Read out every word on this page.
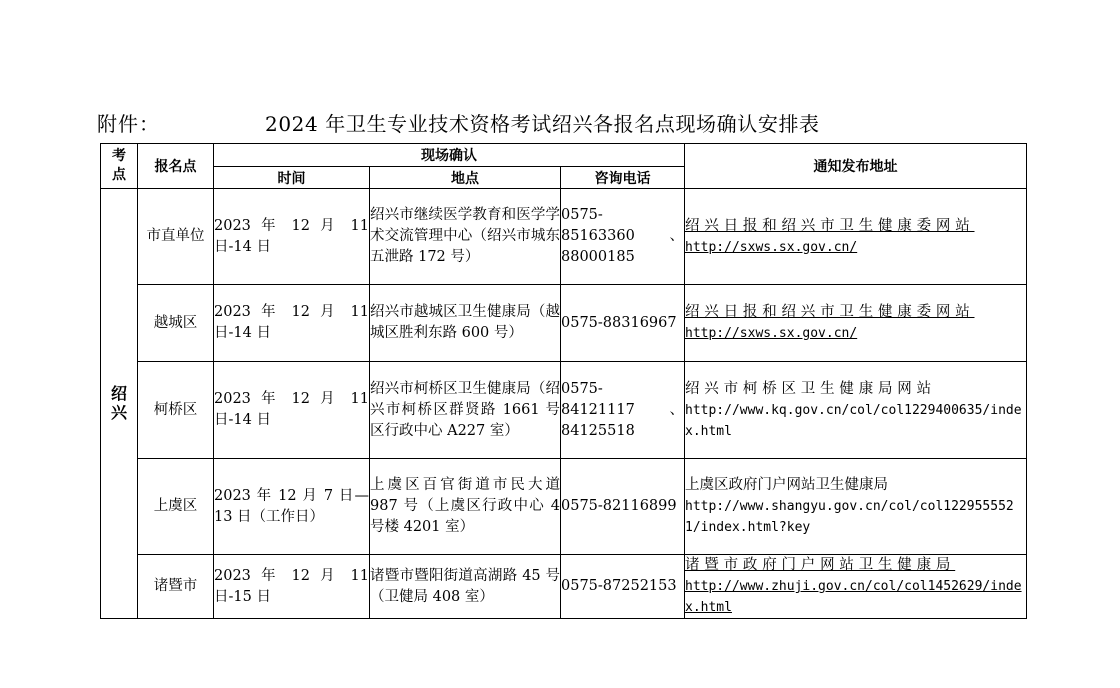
附件：	2024 年卫生专业技术资格考试绍兴各报名点现场确认安排表
考点	报名点	现场确认			通知发布地址
		时间	地点	咨询电话	
绍兴	市直单位	2023 年 12 月 11 日-14 日	绍兴市继续医学教育和医学学术交流管理中心（绍兴市城东五泄路 172 号）	0575-85163360、88000185	绍兴日报和绍兴市卫生健康委网站
http://sxws.sx.gov.cn/

	越城区	2023 年 12 月 11 日-14 日	绍兴市越城区卫生健康局（越城区胜利东路 600 号）	0575-88316967	绍兴日报和绍兴市卫生健康委网站
http://sxws.sx.gov.cn/

	柯桥区	2023 年 12 月 11 日-14 日	绍兴市柯桥区卫生健康局（绍兴市柯桥区群贤路 1661 号区行政中心 A227 室）	0575-84121117、84125518	绍兴市柯桥区卫生健康局网站
http://www.kq.gov.cn/col/col1229400635/index.html

	上虞区	2023 年 12 月 7 日—13 日（工作日）	上虞区百官街道市民大道 987 号（上虞区行政中心 4 号楼 4201 室）	0575-82116899	上虞区政府门户网站卫生健康局
http://www.shangyu.gov.cn/col/col1229555521/index.html?key

	诸暨市	2023 年 12 月 11 日-15 日	诸暨市暨阳街道高湖路 45 号（卫健局 408 室）	0575-87252153	诸暨市政府门户网站卫生健康局
http://www.zhuji.gov.cn/col/col1452629/index.html
